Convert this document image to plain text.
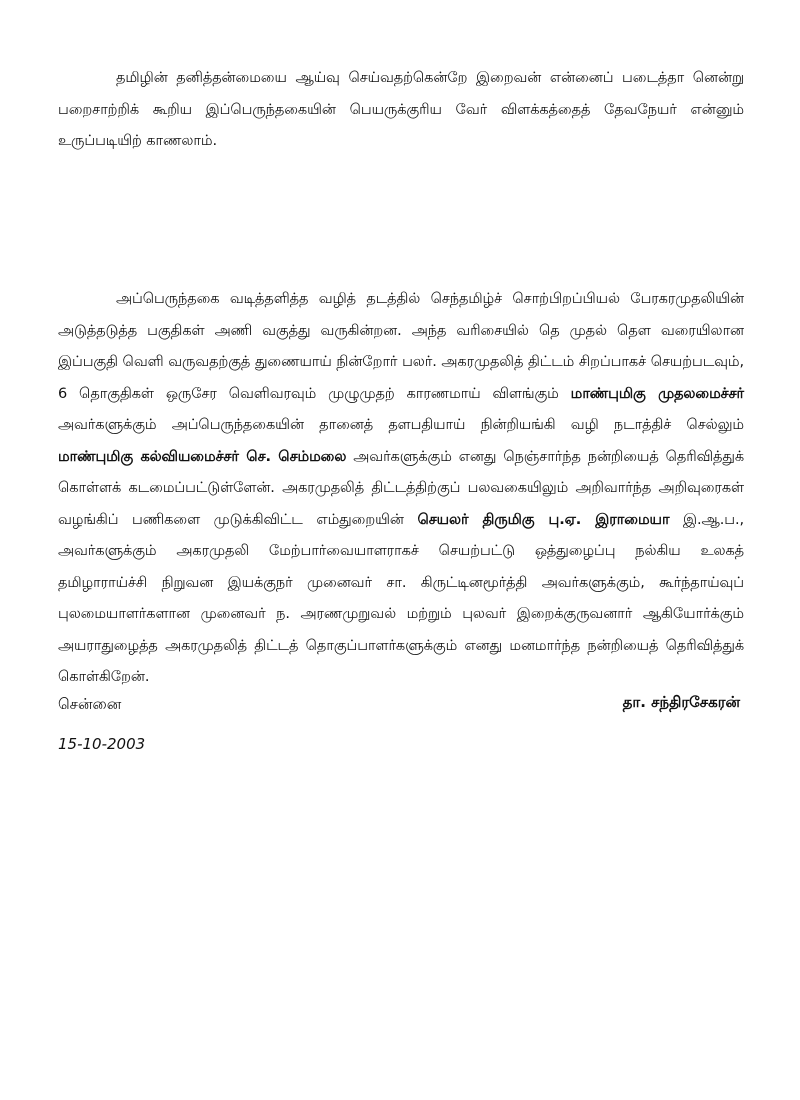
தமிழின் தனித்தன்மையை ஆய்வு செய்வதற்கென்றே இறைவன் என்னைப் படைத்தா னென்று பறைசாற்றிக் கூறிய இப்பெருந்தகையின் பெயருக்குரிய வேர் விளக்கத்தைத் தேவநேயர் என்னும் உருப்படியிற் காணலாம்.

அப்பெருந்தகை வடித்தளித்த வழித் தடத்தில் செந்தமிழ்ச் சொற்பிறப்பியல் பேரகரமுதலியின் அடுத்தடுத்த பகுதிகள் அணி வகுத்து வருகின்றன. அந்த வரிசையில் தெ முதல் தௌ வரையிலான இப்பகுதி வெளி வருவதற்குத் துணையாய் நின்றோர் பலர். அகரமுதலித் திட்டம் சிறப்பாகச் செயற்படவும், 6 தொகுதிகள் ஒருசேர வெளிவரவும் முழுமுதற் காரணமாய் விளங்கும் மாண்புமிகு முதலமைச்சர் அவர்களுக்கும் அப்பெருந்தகையின் தானைத் தளபதியாய் நின்றியங்கி வழி நடாத்திச் செல்லும் மாண்புமிகு கல்வியமைச்சர் செ. செம்மலை அவர்களுக்கும் எனது நெஞ்சார்ந்த நன்றியைத் தெரிவித்துக் கொள்ளக் கடமைப்பட்டுள்ளேன். அகரமுதலித் திட்டத்திற்குப் பலவகையிலும் அறிவார்ந்த அறிவுரைகள் வழங்கிப் பணிகளை முடுக்கிவிட்ட எம்துறையின் செயலர் திருமிகு பு.ஏ. இராமையா இ.ஆ.ப., அவர்களுக்கும் அகரமுதலி மேற்பார்வையாளராகச் செயற்பட்டு ஒத்துழைப்பு நல்கிய உலகத் தமிழாராய்ச்சி நிறுவன இயக்குநர் முனைவர் சா. கிருட்டினமூர்த்தி அவர்களுக்கும், கூர்ந்தாய்வுப் புலமையாளர்களான முனைவர் ந. அரணமுறுவல் மற்றும் புலவர் இறைக்குருவனார் ஆகியோர்க்கும் அயராதுழைத்த அகரமுதலித் திட்டத் தொகுப்பாளர்களுக்கும் எனது மனமார்ந்த நன்றியைத் தெரிவித்துக் கொள்கிறேன்.

சென்னை	தா. சந்திரசேகரன்

15-10-2003
